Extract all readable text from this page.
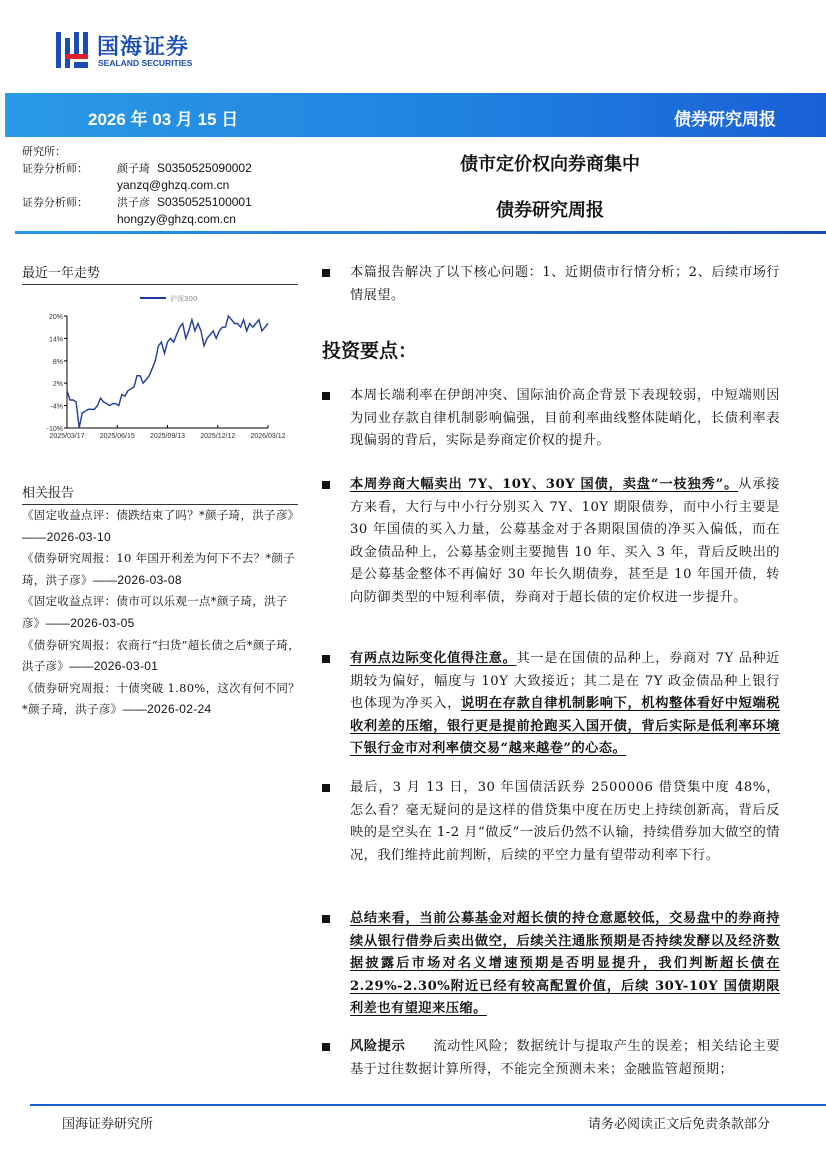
国海证券
SEALAND SECURITIES
2026 年 03 月 15 日	债券研究周报
研究所：
证券分析师：	颜子琦 S0350525090002
yanzq@ghzq.com.cn
证券分析师：	洪子彦 S0350525100001
hongzy@ghzq.com.cn
债市定价权向券商集中
债券研究周报
最近一年走势
沪深300
20%
14%
8%
2%
-4%
-10%
2025/03/17 2025/06/15 2025/09/13 2025/12/12 2026/03/12
相关报告
《固定收益点评：债跌结束了吗？*颜子琦，洪子彦》——2026-03-10
《债券研究周报：10 年国开利差为何下不去？*颜子琦，洪子彦》——2026-03-08
《固定收益点评：债市可以乐观一点*颜子琦，洪子彦》——2026-03-05
《债券研究周报：农商行“扫货”超长债之后*颜子琦，洪子彦》——2026-03-01
《债券研究周报：十债突破 1.80%，这次有何不同？*颜子琦，洪子彦》——2026-02-24
本篇报告解决了以下核心问题：1、近期债市行情分析；2、后续市场行情展望。
投资要点：
本周长端利率在伊朗冲突、国际油价高企背景下表现较弱，中短端则因为同业存款自律机制影响偏强，目前利率曲线整体陡峭化，长债利率表现偏弱的背后，实际是券商定价权的提升。
本周券商大幅卖出 7Y、10Y、30Y 国债，卖盘“一枝独秀”。从承接方来看，大行与中小行分别买入 7Y、10Y 期限债券，而中小行主要是 30 年国债的买入力量，公募基金对于各期限国债的净买入偏低，而在政金债品种上，公募基金则主要抛售 10 年、买入 3 年，背后反映出的是公募基金整体不再偏好 30 年长久期债券，甚至是 10 年国开债，转向防御类型的中短利率债，券商对于超长债的定价权进一步提升。
有两点边际变化值得注意。其一是在国债的品种上，券商对 7Y 品种近期较为偏好，幅度与 10Y 大致接近；其二是在 7Y 政金债品种上银行也体现为净买入，说明在存款自律机制影响下，机构整体看好中短端税收利差的压缩，银行更是提前抢跑买入国开债，背后实际是低利率环境下银行金市对利率债交易“越来越卷”的心态。
最后，3 月 13 日，30 年国债活跃券 2500006 借贷集中度 48%，怎么看？毫无疑问的是这样的借贷集中度在历史上持续创新高，背后反映的是空头在 1-2 月“做反”一波后仍然不认输，持续借券加大做空的情况，我们维持此前判断，后续的平空力量有望带动利率下行。
总结来看，当前公募基金对超长债的持仓意愿较低，交易盘中的券商持续从银行借券后卖出做空，后续关注通胀预期是否持续发酵以及经济数据披露后市场对名义增速预期是否明显提升，我们判断超长债在 2.29%-2.30%附近已经有较高配置价值，后续 30Y-10Y 国债期限利差也有望迎来压缩。
风险提示　　流动性风险；数据统计与提取产生的误差；相关结论主要基于过往数据计算所得，不能完全预测未来；金融监管超预期；
国海证券研究所	请务必阅读正文后免责条款部分
